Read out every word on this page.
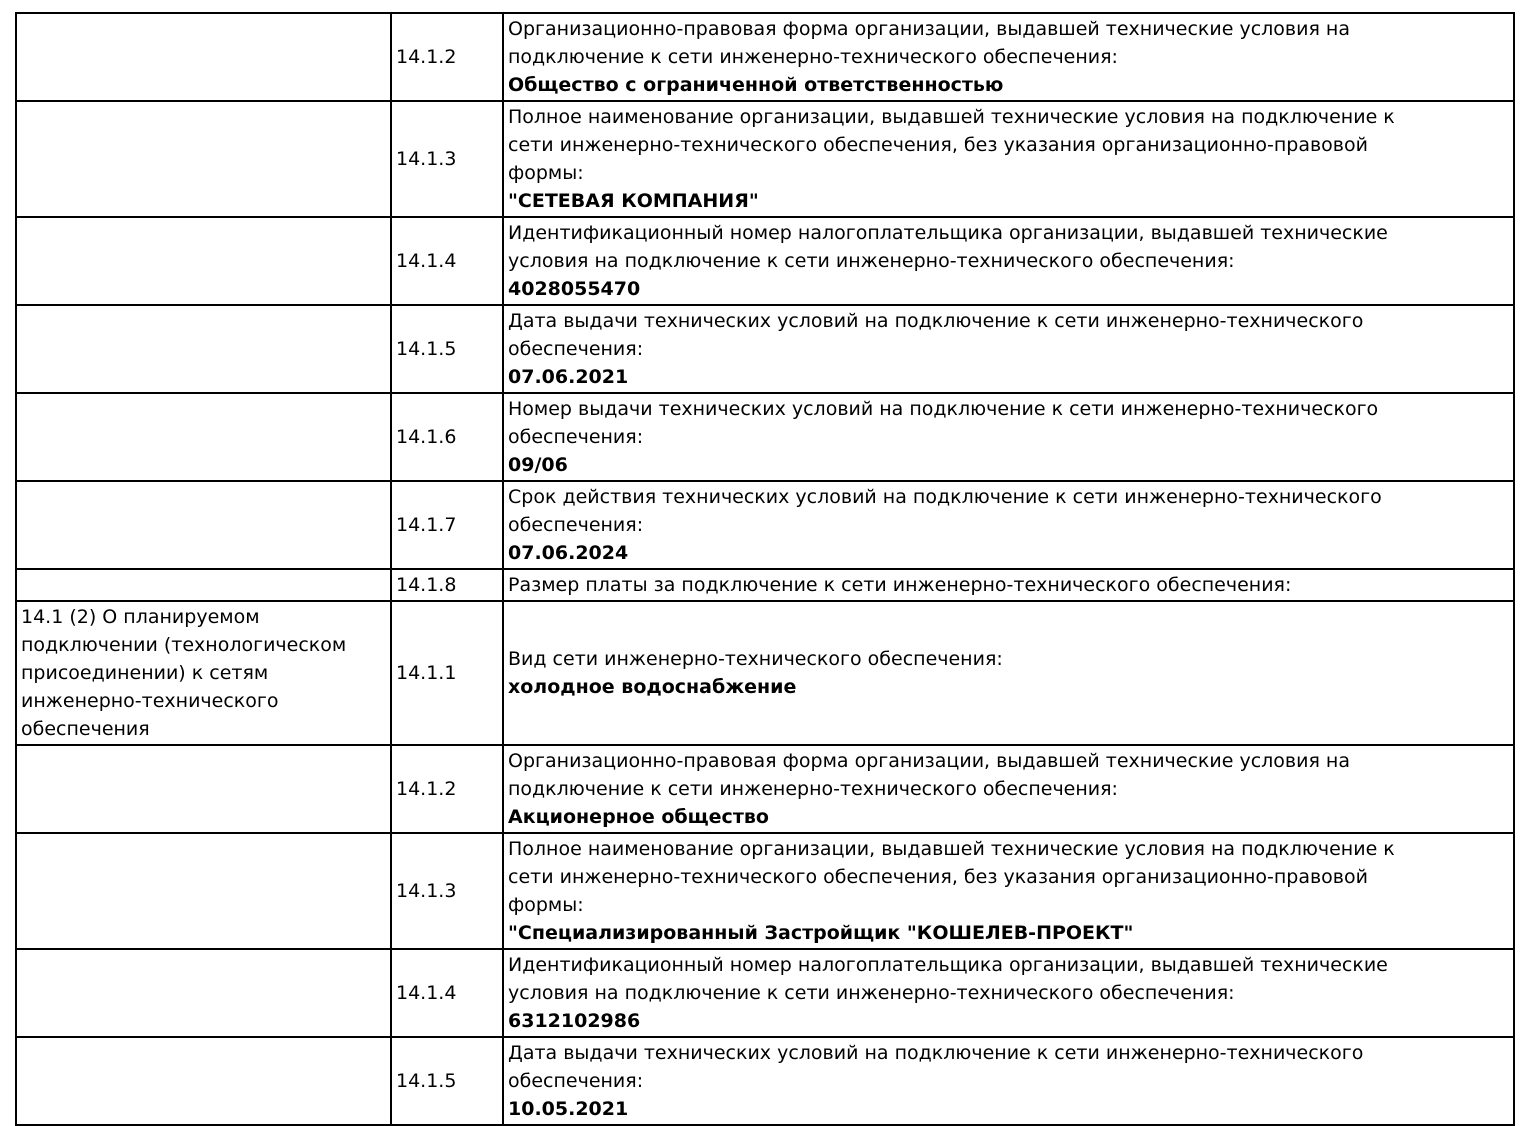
	14.1.2	Организационно-правовая форма организации, выдавшей технические условия на подключение к сети инженерно-технического обеспечения:
Общество с ограниченной ответственностью

	14.1.3	Полное наименование организации, выдавшей технические условия на подключение к сети инженерно-технического обеспечения, без указания организационно-правовой формы:
"СЕТЕВАЯ КОМПАНИЯ"

	14.1.4	Идентификационный номер налогоплательщика организации, выдавшей технические условия на подключение к сети инженерно-технического обеспечения:
4028055470

	14.1.5	Дата выдачи технических условий на подключение к сети инженерно-технического обеспечения:
07.06.2021

	14.1.6	Номер выдачи технических условий на подключение к сети инженерно-технического обеспечения:
09/06

	14.1.7	Срок действия технических условий на подключение к сети инженерно-технического обеспечения:
07.06.2024

	14.1.8	Размер платы за подключение к сети инженерно-технического обеспечения:

14.1 (2) О планируемом подключении (технологическом присоединении) к сетям инженерно-технического обеспечения	14.1.1	Вид сети инженерно-технического обеспечения:
холодное водоснабжение

	14.1.2	Организационно-правовая форма организации, выдавшей технические условия на подключение к сети инженерно-технического обеспечения:
Акционерное общество

	14.1.3	Полное наименование организации, выдавшей технические условия на подключение к сети инженерно-технического обеспечения, без указания организационно-правовой формы:
"Специализированный Застройщик "КОШЕЛЕВ-ПРОЕКТ"

	14.1.4	Идентификационный номер налогоплательщика организации, выдавшей технические условия на подключение к сети инженерно-технического обеспечения:
6312102986

	14.1.5	Дата выдачи технических условий на подключение к сети инженерно-технического обеспечения:
10.05.2021
